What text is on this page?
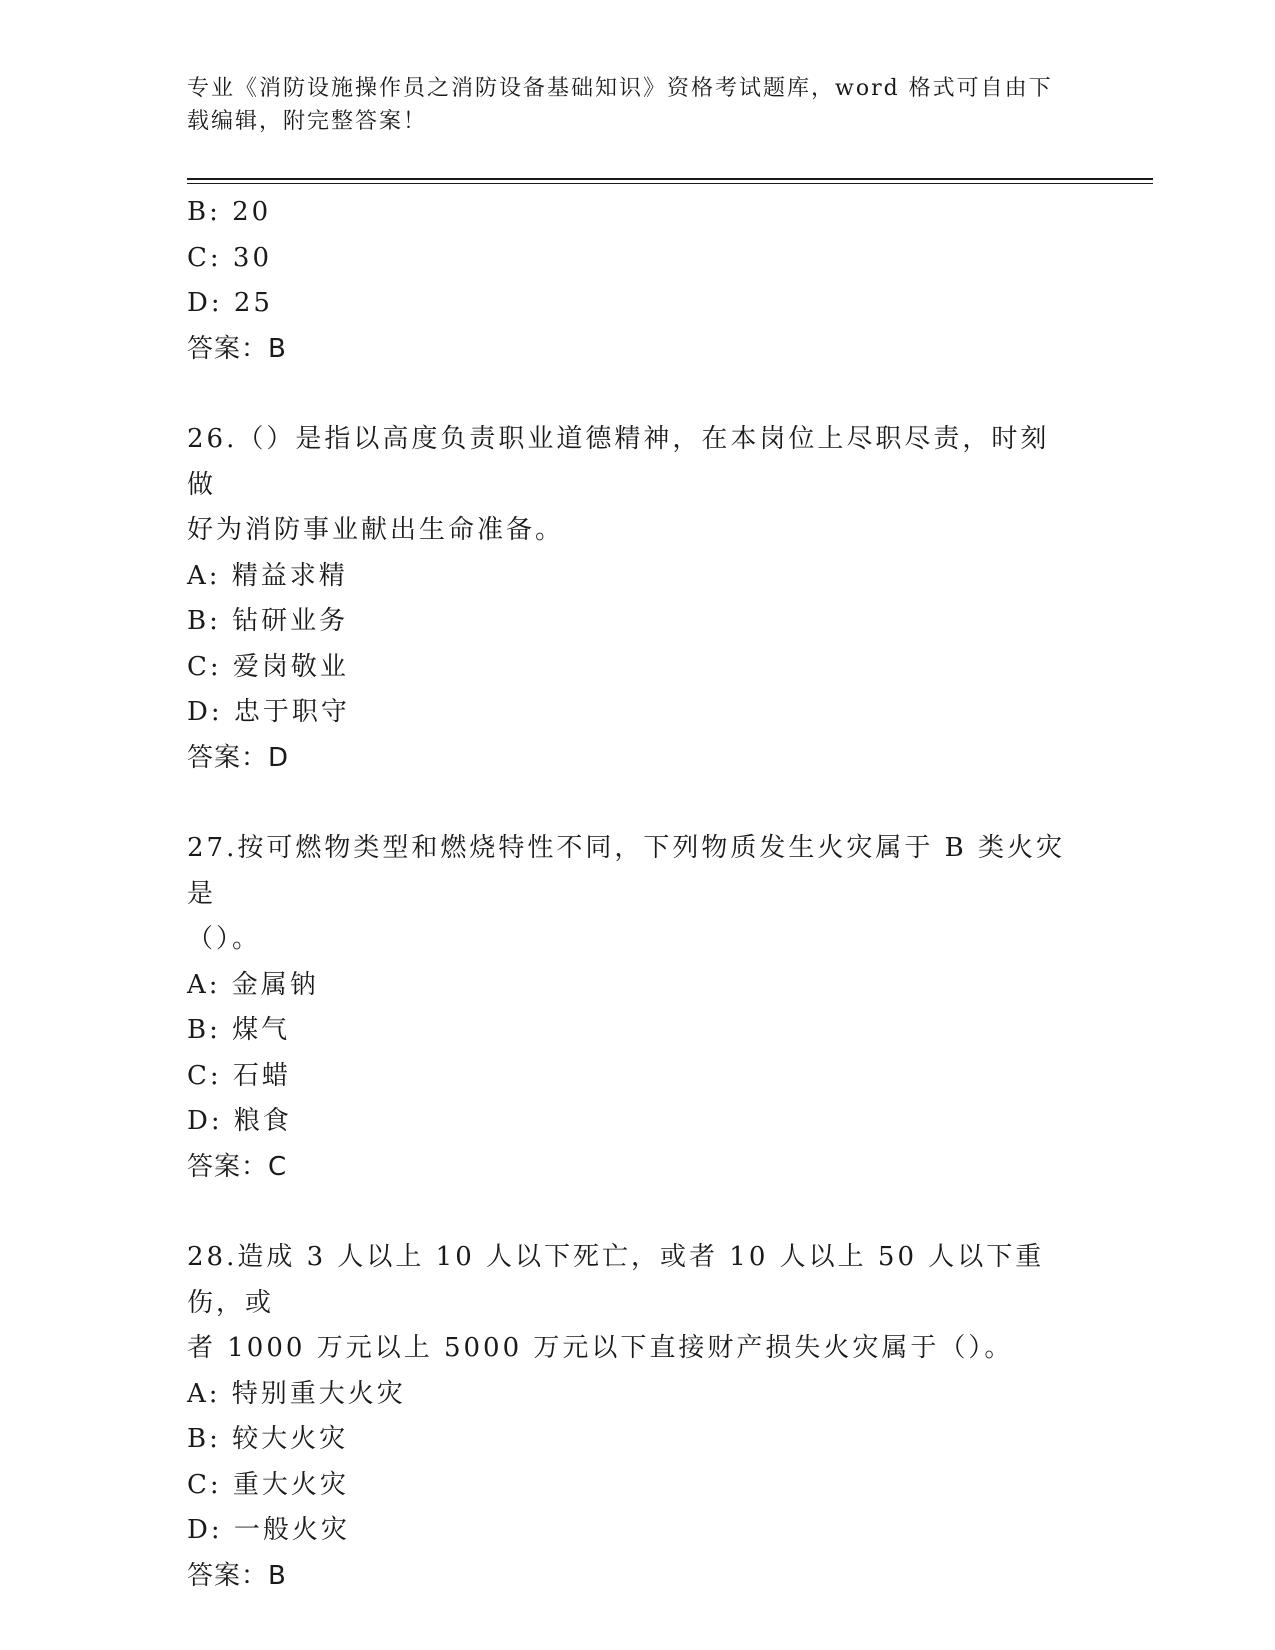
专业《消防设施操作员之消防设备基础知识》资格考试题库，word 格式可自由下
载编辑，附完整答案！
B: 20
C: 30
D: 25
答案：B
26.（）是指以高度负责职业道德精神，在本岗位上尽职尽责，时刻做
好为消防事业献出生命准备。
A: 精益求精
B: 钻研业务
C: 爱岗敬业
D: 忠于职守
答案：D
27.按可燃物类型和燃烧特性不同，下列物质发生火灾属于 B 类火灾是
（）。
A: 金属钠
B: 煤气
C: 石蜡
D: 粮食
答案：C
28.造成 3 人以上 10 人以下死亡，或者 10 人以上 50 人以下重伤，或
者 1000 万元以上 5000 万元以下直接财产损失火灾属于（）。
A: 特别重大火灾
B: 较大火灾
C: 重大火灾
D: 一般火灾
答案：B
